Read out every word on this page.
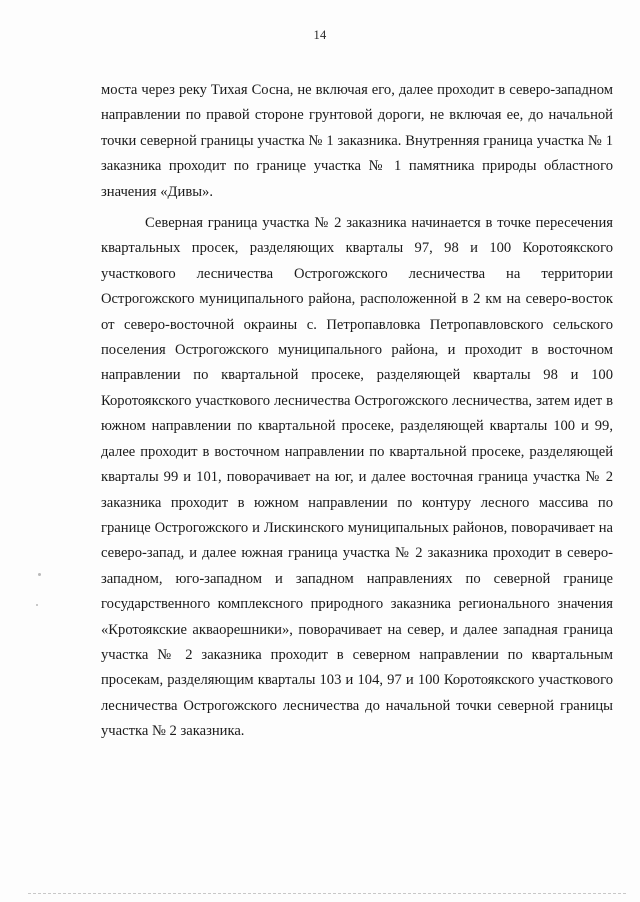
14

моста через реку Тихая Сосна, не включая его, далее проходит в северо-западном направлении по правой стороне грунтовой дороги, не включая ее, до начальной точки северной границы участка № 1 заказника. Внутренняя граница участка № 1 заказника проходит по границе участка № 1 памятника природы областного значения «Дивы».

Северная граница участка № 2 заказника начинается в точке пересечения квартальных просек, разделяющих кварталы 97, 98 и 100 Коротоякского участкового лесничества Острогожского лесничества на территории Острогожского муниципального района, расположенной в 2 км на северо-восток от северо-восточной окраины с. Петропавловка Петропавловского сельского поселения Острогожского муниципального района, и проходит в восточном направлении по квартальной просеке, разделяющей кварталы 98 и 100 Коротоякского участкового лесничества Острогожского лесничества, затем идет в южном направлении по квартальной просеке, разделяющей кварталы 100 и 99, далее проходит в восточном направлении по квартальной просеке, разделяющей кварталы 99 и 101, поворачивает на юг, и далее восточная граница участка № 2 заказника проходит в южном направлении по контуру лесного массива по границе Острогожского и Лискинского муниципальных районов, поворачивает на северо-запад, и далее южная граница участка № 2 заказника проходит в северо-западном, юго-западном и западном направлениях по северной границе государственного комплексного природного заказника регионального значения «Кротоякские акваорешники», поворачивает на север, и далее западная граница участка № 2 заказника проходит в северном направлении по квартальным просекам, разделяющим кварталы 103 и 104, 97 и 100 Коротоякского участкового лесничества Острогожского лесничества до начальной точки северной границы участка № 2 заказника.
